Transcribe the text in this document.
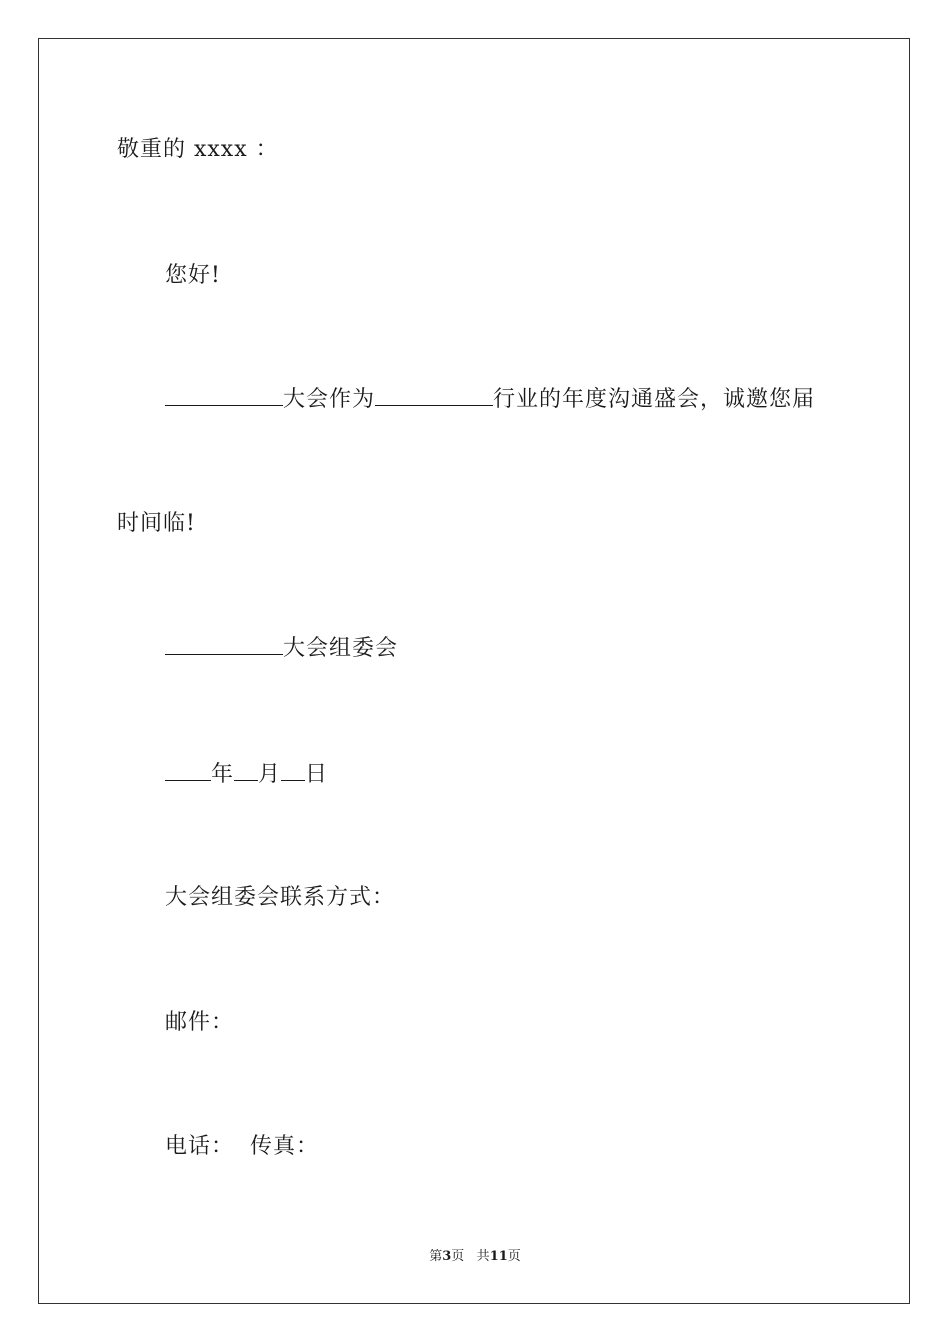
敬重的 xxxx ：
您好!
大会作为	行业的年度沟通盛会，诚邀您届
时间临!
大会组委会
年 月 日
大会组委会联系方式：
邮件：
电话： 传真：
第3页 共11页
